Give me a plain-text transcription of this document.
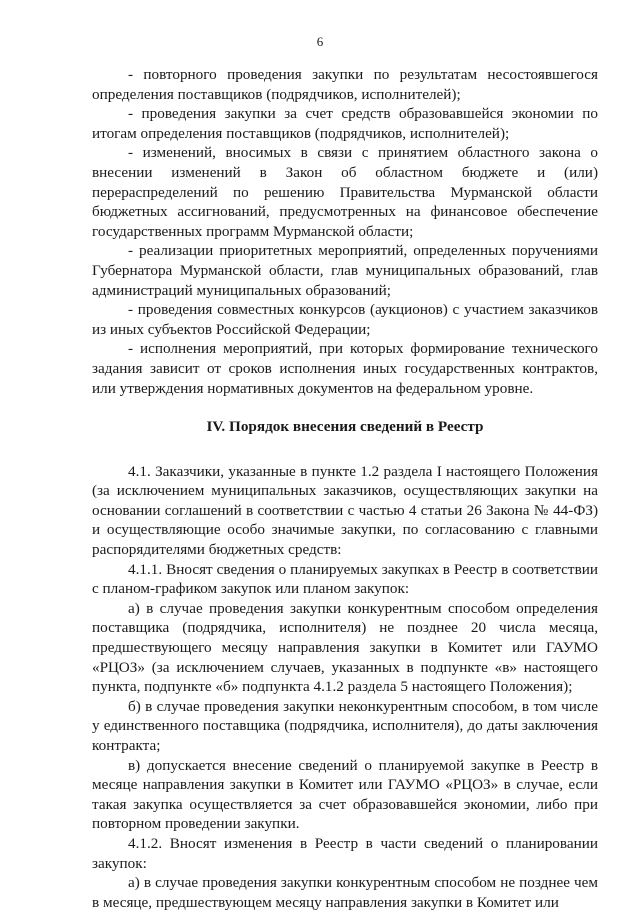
6

- повторного проведения закупки по результатам несостоявшегося определения поставщиков (подрядчиков, исполнителей);

- проведения закупки за счет средств образовавшейся экономии по итогам определения поставщиков (подрядчиков, исполнителей);

- изменений, вносимых в связи с принятием областного закона о внесении изменений в Закон об областном бюджете и (или) перераспределений по решению Правительства Мурманской области бюджетных ассигнований, предусмотренных на финансовое обеспечение государственных программ Мурманской области;

- реализации приоритетных мероприятий, определенных поручениями Губернатора Мурманской области, глав муниципальных образований, глав администраций муниципальных образований;

- проведения совместных конкурсов (аукционов) с участием заказчиков из иных субъектов Российской Федерации;

- исполнения мероприятий, при которых формирование технического задания зависит от сроков исполнения иных государственных контрактов, или утверждения нормативных документов на федеральном уровне.

IV. Порядок внесения сведений в Реестр

4.1. Заказчики, указанные в пункте 1.2 раздела I настоящего Положения (за исключением муниципальных заказчиков, осуществляющих закупки на основании соглашений в соответствии с частью 4 статьи 26 Закона № 44-ФЗ) и осуществляющие особо значимые закупки, по согласованию с главными распорядителями бюджетных средств:

4.1.1. Вносят сведения о планируемых закупках в Реестр в соответствии с планом-графиком закупок или планом закупок:

а) в случае проведения закупки конкурентным способом определения поставщика (подрядчика, исполнителя) не позднее 20 числа месяца, предшествующего месяцу направления закупки в Комитет или ГАУМО «РЦОЗ» (за исключением случаев, указанных в подпункте «в» настоящего пункта, подпункте «б» подпункта 4.1.2 раздела 5 настоящего Положения);

б) в случае проведения закупки неконкурентным способом, в том числе у единственного поставщика (подрядчика, исполнителя), до даты заключения контракта;

в) допускается внесение сведений о планируемой закупке в Реестр в месяце направления закупки в Комитет или ГАУМО «РЦОЗ» в случае, если такая закупка осуществляется за счет образовавшейся экономии, либо при повторном проведении закупки.

4.1.2. Вносят изменения в Реестр в части сведений о планировании закупок:

а) в случае проведения закупки конкурентным способом не позднее чем в месяце, предшествующем месяцу направления закупки в Комитет или
